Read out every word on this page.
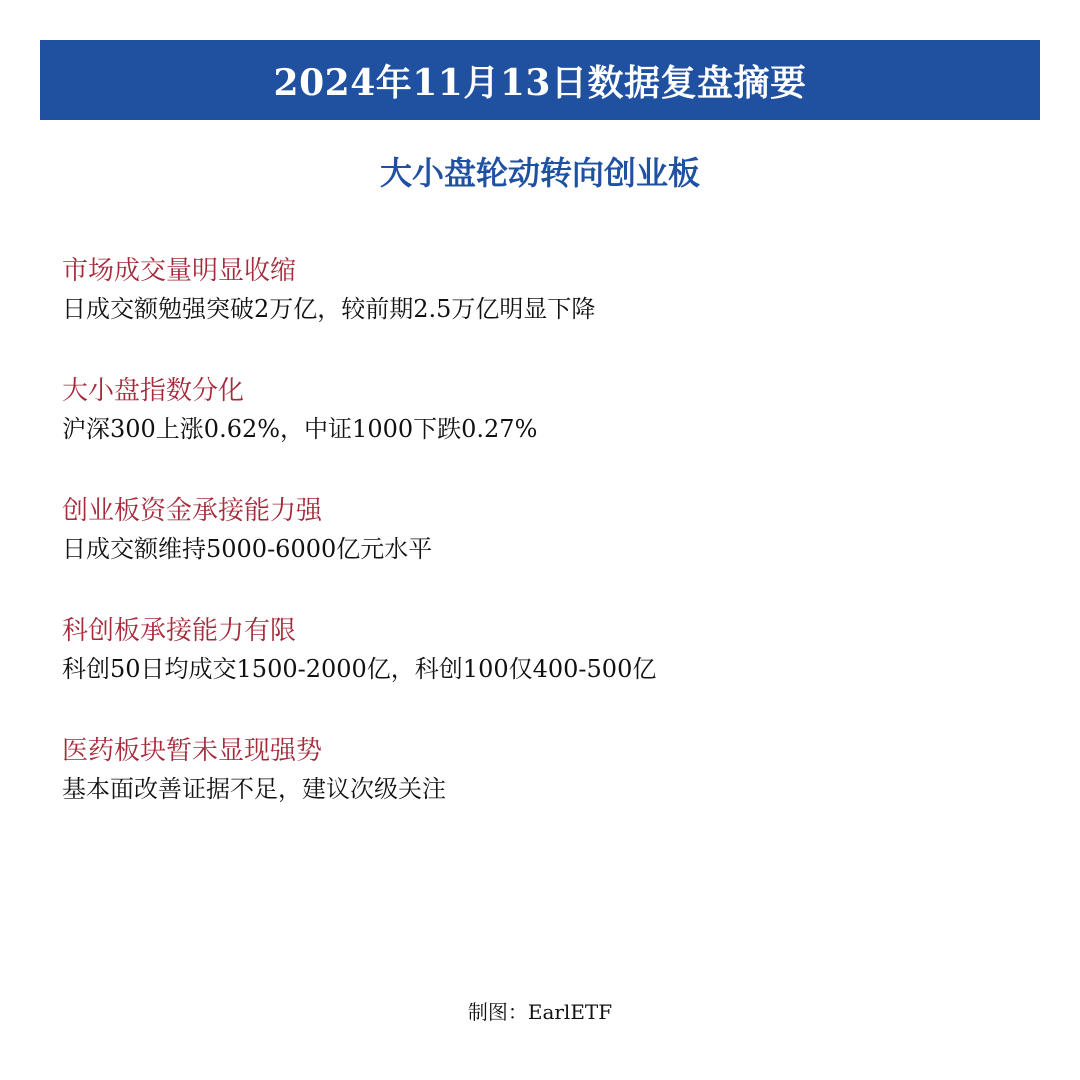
2024年11月13日数据复盘摘要
大小盘轮动转向创业板
市场成交量明显收缩
日成交额勉强突破2万亿，较前期2.5万亿明显下降
大小盘指数分化
沪深300上涨0.62%，中证1000下跌0.27%
创业板资金承接能力强
日成交额维持5000-6000亿元水平
科创板承接能力有限
科创50日均成交1500-2000亿，科创100仅400-500亿
医药板块暂未显现强势
基本面改善证据不足，建议次级关注
制图：EarlETF
